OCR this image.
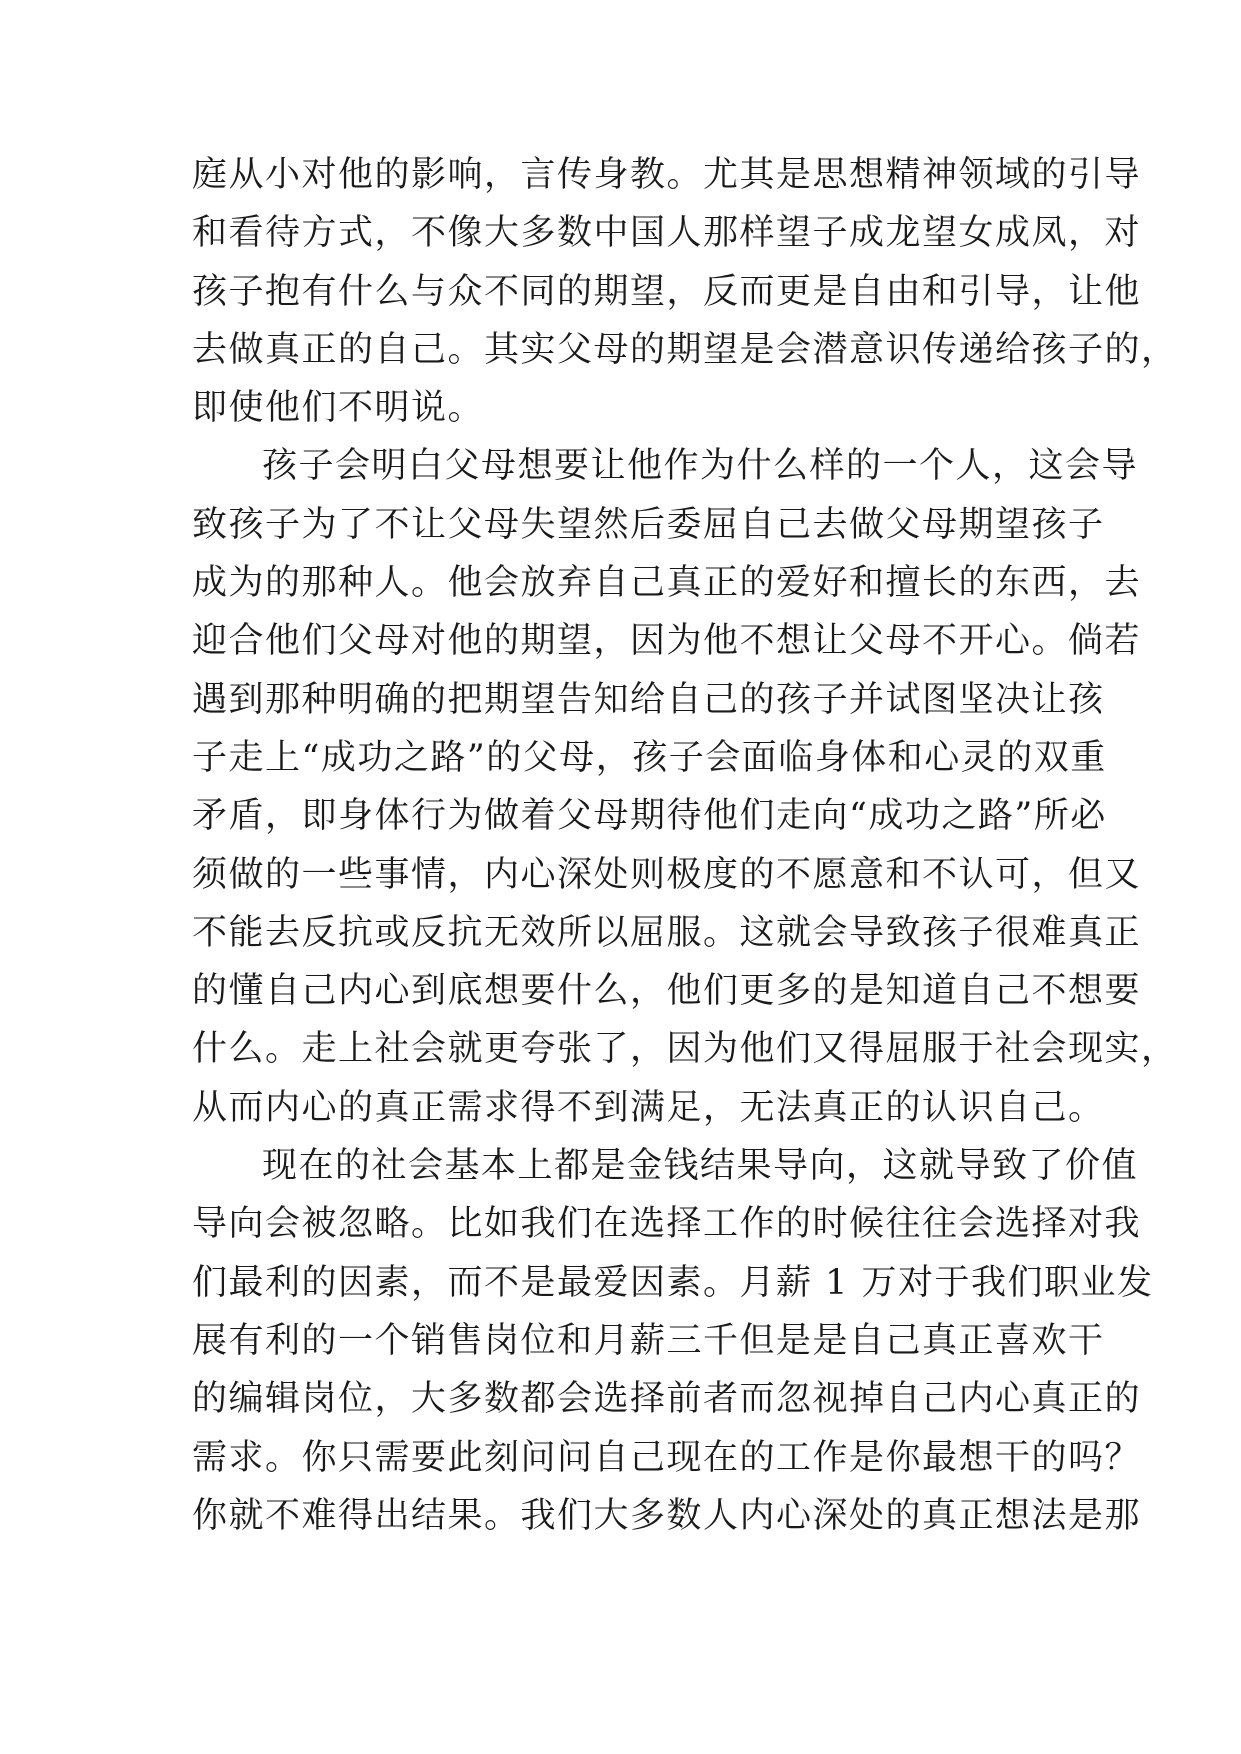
庭从小对他的影响，言传身教。尤其是思想精神领域的引导
和看待方式，不像大多数中国人那样望子成龙望女成凤，对
孩子抱有什么与众不同的期望，反而更是自由和引导，让他
去做真正的自己。其实父母的期望是会潜意识传递给孩子的，
即使他们不明说。
孩子会明白父母想要让他作为什么样的一个人，这会导
致孩子为了不让父母失望然后委屈自己去做父母期望孩子
成为的那种人。他会放弃自己真正的爱好和擅长的东西，去
迎合他们父母对他的期望，因为他不想让父母不开心。倘若
遇到那种明确的把期望告知给自己的孩子并试图坚决让孩
子走上“成功之路”的父母，孩子会面临身体和心灵的双重
矛盾，即身体行为做着父母期待他们走向“成功之路”所必
须做的一些事情，内心深处则极度的不愿意和不认可，但又
不能去反抗或反抗无效所以屈服。这就会导致孩子很难真正
的懂自己内心到底想要什么，他们更多的是知道自己不想要
什么。走上社会就更夸张了，因为他们又得屈服于社会现实，
从而内心的真正需求得不到满足，无法真正的认识自己。
现在的社会基本上都是金钱结果导向，这就导致了价值
导向会被忽略。比如我们在选择工作的时候往往会选择对我
们最利的因素，而不是最爱因素。月薪 1 万对于我们职业发
展有利的一个销售岗位和月薪三千但是是自己真正喜欢干
的编辑岗位，大多数都会选择前者而忽视掉自己内心真正的
需求。你只需要此刻问问自己现在的工作是你最想干的吗？
你就不难得出结果。我们大多数人内心深处的真正想法是那
